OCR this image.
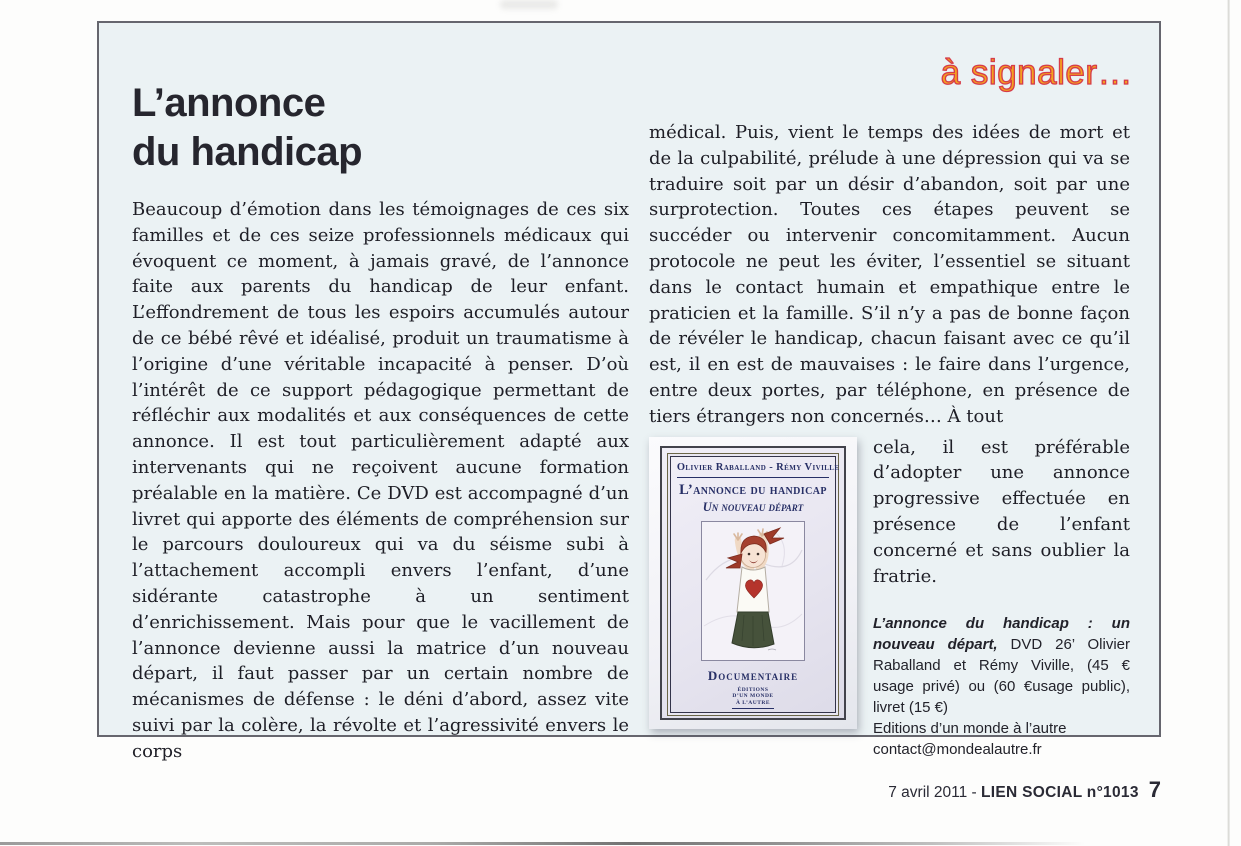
à signaler…
L’annonce
du handicap

Beaucoup d’émotion dans les témoignages de ces six familles et de ces seize professionnels médicaux qui évoquent ce moment, à jamais gravé, de l’annonce faite aux parents du handicap de leur enfant. L’effondrement de tous les espoirs accumulés autour de ce bébé rêvé et idéalisé, produit un traumatisme à l’origine d’une véritable incapacité à penser. D’où l’intérêt de ce support pédagogique permettant de réfléchir aux modalités et aux conséquences de cette annonce. Il est tout particulièrement adapté aux intervenants qui ne reçoivent aucune formation préalable en la matière. Ce DVD est accompagné d’un livret qui apporte des éléments de compréhension sur le parcours douloureux qui va du séisme subi à l’attachement accompli envers l’enfant, d’une sidérante catastrophe à un sentiment d’enrichissement. Mais pour que le vacillement de l’annonce devienne aussi la matrice d’un nouveau départ, il faut passer par un certain nombre de mécanismes de défense : le déni d’abord, assez vite suivi par la colère, la révolte et l’agressivité envers le corps

médical. Puis, vient le temps des idées de mort et de la culpabilité, prélude à une dépression qui va se traduire soit par un désir d’abandon, soit par une surprotection. Toutes ces étapes peuvent se succéder ou intervenir concomitamment. Aucun protocole ne peut les éviter, l’essentiel se situant dans le contact humain et empathique entre le praticien et la famille. S’il n’y a pas de bonne façon de révéler le handicap, chacun faisant avec ce qu’il est, il en est de mauvaises : le faire dans l’urgence, entre deux portes, par téléphone, en présence de tiers étrangers non concernés… À tout

Olivier Raballand - Rémy Viville
L’annonce du handicap
Un nouveau départ
Documentaire
ÉDITIONS
D’UN MONDE
À L’AUTRE

cela, il est préférable d’adopter une annonce progressive effectuée en présence de l’enfant concerné et sans oublier la fratrie.

L’annonce du handicap : un nouveau départ, DVD 26’ Olivier Raballand et Rémy Viville, (45 € usage privé) ou (60 €usage public), livret (15 €)

Editions d’un monde à l’autre

contact@mondealautre.fr

7 avril 2011 - LIEN SOCIAL n°1013 7
